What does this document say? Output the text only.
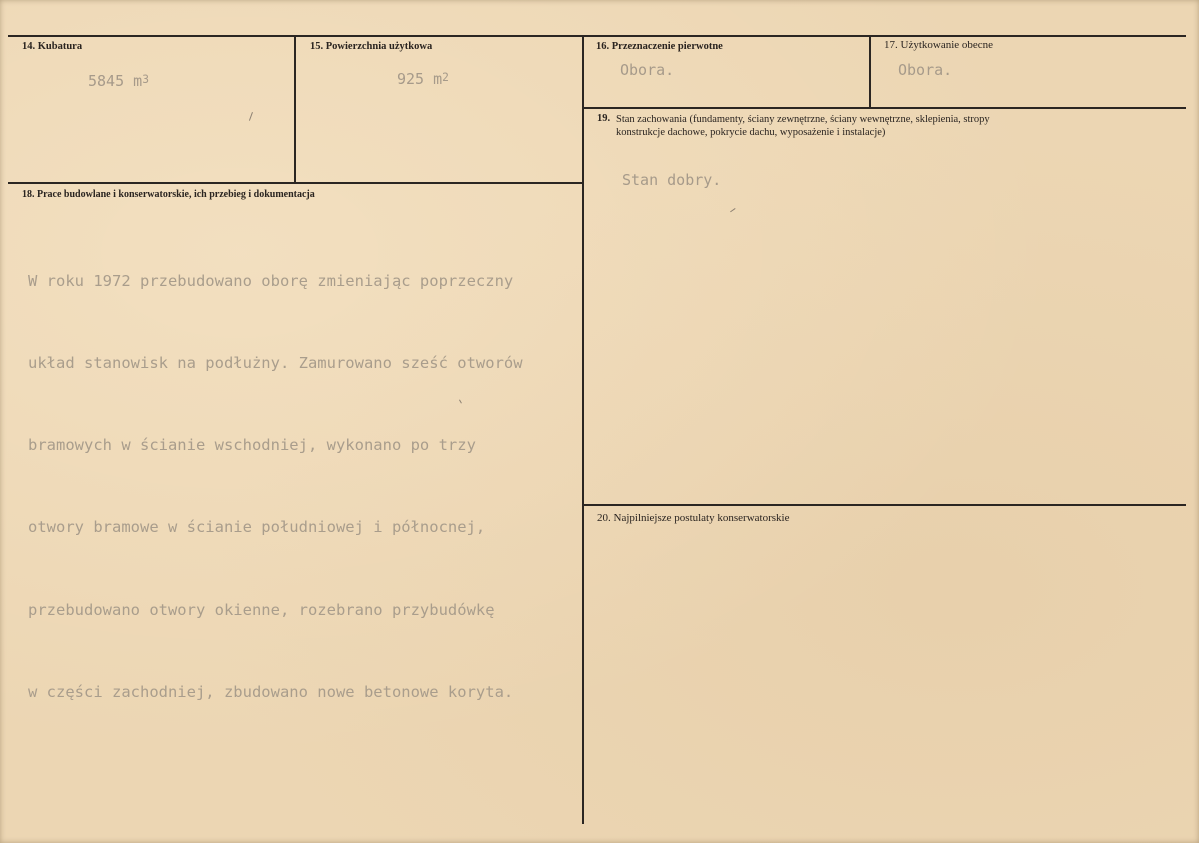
14. Kubatura
5845 $m^3$
15. Powierzchnia użytkowa
925 $m^2$
16. Przeznaczenie pierwotne
Obora.
17. Użytkowanie obecne
Obora.
18. Prace budowlane i konserwatorskie, ich przebieg i dokumentacja

W roku 1972 przebudowano oborę zmieniając poprzeczny

układ stanowisk na podłużny. Zamurowano sześć otworów

bramowych w ścianie wschodniej, wykonano po trzy

otwory bramowe w ścianie południowej i północnej,

przebudowano otwory okienne, rozebrano przybudówkę

w części zachodniej, zbudowano nowe betonowe koryta.

19. Stan zachowania (fundamenty, ściany zewnętrzne, ściany wewnętrzne, sklepienia, stropy
konstrukcje dachowe, pokrycie dachu, wyposażenie i instalacje)
Stan dobry.
20. Najpilniejsze postulaty konserwatorskie
